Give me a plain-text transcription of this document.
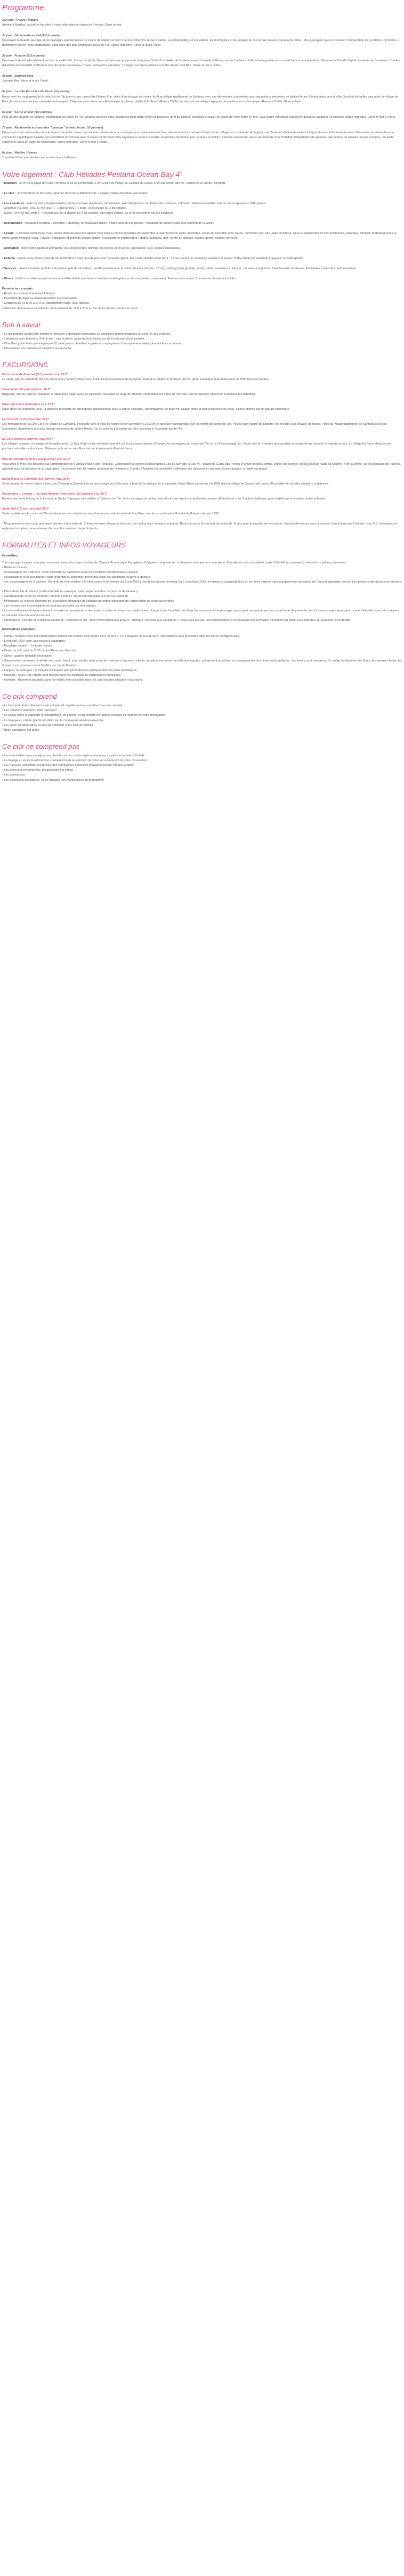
Programme
1er jour : France / Madère
Arrivée à Madère, accueil et transfert à votre hôtel dans la région de Funchal. Dîner et nuit.
2e jour : Découverte en 4x4 (1/2 journée)
Découvrez la beauté sauvage et les paysages spectaculaires du centre de Madère à bord d'un 4x4. Chemins de terre battue, vue imprenable sur les vallées, les montagnes et les villages de Curral das Freiras, Camara de lobos... des paysages hauts en couleur ! Dégustation de la célèbre « Poncha », traditionnel punch (avec supplément) dans l'une des plus anciennes caves de l'île. Après-midi libre. Dîner et nuit à l'hôtel
3e jour : Funchal (1/2 journée)
Découverte de la belle ville de Funchal : la vieille ville, le marché (fruits, fleurs et poissons typiques de la région). Visite d'un atelier de broderie suivie d'un arrêt à Monte, sur les hauteurs de Funchal apprécié pour sa fraîcheur et sa végétation. Découverte libre de l'église, tombeau de l'empereur Charles d'Autriche et possibilité d'effectuer une descente en traîneau d'osier, sensations garanties ! (à régler sur place). Retour à l'hôtel. Après-midi libre. Dîner et nuit à l'hôtel.
4e jour : Journée libre
Journée libre, dîner et nuit à l'hôtel.
5e jour : La côte Est et la côte Ouest (1 journée)
Route vers les montagnes de la côte Est de l'île pour le parc naturel de Ribeiro Frio, visite d'un élevage de truites. Arrêt au village traditionnel de Santana avec ses étonnantes chaumières aux toits pointus entourées de jardins fleuris. Continuation vers la côte Ouest et les belles cascades, le village de Porto Moniz et ses piscines naturelles volcaniques. Déjeuner puis retour vers Funchal par le plateau de Paul da Serra* (Ratura 2000), la côte sud, les villages typiques, les petits ports et les plages. Retour à l'hôtel. Dîner et Nuit.
6e jour : Sortie en mer (1/2 journée)
Pour goûter au large de Madère, contemplez les côtes de l'île, plongez dans les eaux cristallines pour nager avec les poissons (prêt de palmes, masques et tuba). Au cours de cette sortie en mer, vous aurez l'occasion d'observer quelques dauphins et baleines. Après-midi libre. Dîner et nuit à l'hôtel.
7e jour : Randonnée au cœur des "Levadas" (niveau facile, 1/2 journée)
Départ pour une randonnée parmi le réseau de petits canaux qui ont été creusés dans la montagne pour approvisionner l'eau des sommets jusqu'aux champs et aux villages en contrebas. À l'origine, ces "levadas" étaient destinées à l'agriculture et à l'industrie locales. Désormais, le réseau trace le chemin de magnifiques balades qui permettent de renouer avec la nature et découvrir des paysages à couper le souffle, en parfaite harmonie avec la faune et la flore. Après la randonnée, pause gourmande chez l'habitant (dégustation de gâteaux, pain à base de patates douces et fruits), une belle expérience dans un esprit de convivialité. Après-midi libre. Dîner et nuit à l'hôtel.
8e jour : Madère / France
Transfert à l'aéroport de Funchal et envol pour la France.
Votre logement : Club Héliades Pestana Ocean Bay 4*
• Situation : 20 m de la plage de Praia Formosa et de sa promenade, 3 km à pied du village de Camara de Lobos, 5 km du centre-ville de Funchal et 20 km de l'aéroport.
• Le club : 202 chambres et 65 suites réparties dans deux bâtiments de 7 étages, toutes orientées vers la mer.
• Les chambres : salle de bains (baignoire/WC), sèche-cheveux, téléphone, climatisation, petit réfrigérateur et plateau de courtoisie, coffre-fort, télévision satellite, balcon, fer à repasser et WIFI gratuit.
- Chambre vue mer : env. 31 m2, pour 1 - 2 personnes + 1 bébé, un lit double ou 2 lits simples.
- Suites : env. 60 m2, pour 2 - 4 personnes, un lit double ou 2 lits simples, coin salon séparé, 3e et 4e personnes sur lits d'appoint.
• Restauration : restaurant principal « Arlequim » (buffets), un restaurant italien, 3 bars dont un à la piscine. Possibilité de panier-repas (sur commande la veille).
• Loisirs : 2 piscines extérieures d'eau douce dont une pour les adultes avec bain à remous (chauffée de septembre à mai), tennis de table, fléchettes, centre de bien-être avec sauna, hammam, bain turc, salle de fitness. Sous la supervision de nos animateurs, pétanque, minigolf, football et tennis à l'hôtel voisin Pestana Royal. Payant : massages et soins de beauté, billard. A proximité et indépendant : sports nautiques, golf, centre de plongée, casino, pêche, location de vélos.
• Animation : notre petite équipe d'animation, vous propose des activités en journée et en soirée (spectacles, jeux, soirées dansantes).
• Enfants : bassin d'eau douce (chauffé de septembre à mai), aire de jeux avec échiquier géant. Mini-club Héliades pour les 4 - 12 ans durant les vacances scolaires, 6 jours/7. Baby-sitting sur demande et payant. Lit bébé gratuit.
• Services : chaises longues gratuits à la piscine, prêt de serviettes, navette gratuite pour le centre de Funchal (env. 10 mn), parking privé (gratuit), WI-FI gratuit, ascenseurs. Payant : parasols à la piscine, blanchisserie, boutiques. Principales cartes de crédit acceptées.
• Divers : hôtel accessible aux personnes à mobilité réduite (certaines chambres aménagées, accès aux parties communes). Animaux non admis. Commerces, boutiques à 1 km.
Formule tout compris
• Repas au restaurant principal Arlequim.
• Possibilité de dîner au restaurant italien sur réservation.
• Collations de 16 h 00 à 17 h 30 (assortiment sucré, salé, glaces).
• Sélection de boissons alcoolisées ou alcoolisées de 11 h à 23 h au bar de la piscine, servies au verre.
Bon à savoir
• Le programme pourra être modifié en fonction d'impératifs techniques ou conditions météorologiques ou selon le jour d'arrivée.
• 1 déjeuner avec boissons (1/4 de vin + eau ou bière ou jus de fruit) inclus lors de l'excursion d'une journée.
• Chauffeur guide francophone jusqu'à 12 participants, chauffeur + guide accompagnateur francophone au-delà, pendant les excursions.
• Observation des baleines et dauphins non garantie.
EXCURSIONS
Découverte de Funchal (1/2 journée) env. 33 €*
La vieille ville, la cathédrale du XVe siècle et le marché typique avec fruits, fleurs et poissons de la région. Visite d'un atelier de broderie puis du jardin botanique regroupant plus de 2000 fleurs et plantes.
Catamaran (1/2 journée) env. 30 €*
Baignade, prêt de palmes, masques et tubas pour nager avec les poissons. Naviguez au large de Madère, contemplez les côtes de l'île sous une perspective différente et admirez les dauphins.
Dîner spectacle folklorique env. 37 €*
Dîner dans un restaurant local, la fameuse brochette de bœuf grillée (assaisonnée avec le laurier sauvage), accompagnée de maïs frit, salade, frites et pain local (bolo do caco). Soirée animée par un groupe folklorique.
La Côte Est (1 journée) env. 36 €*
Les montagnes de la Côte Est et le village de Camacha. Poursuite vers le Pico do Arieiro et son belvédère (1 810 m) et déjeuner panoramique sur les monts du centre de l'île. Puis le parc naturel de Ribeiro Frio et visite d'un élevage de truites. Visite du village traditionnel de Santana avec ses étonnantes chaumières aux toits pointus entourées de jardins fleuris. Fin de journée à la pointe de São Lourenço à l'extrémité est de l'île.
La Côte Ouest (1 journée) env. 36 €*
Les villages typiques, les plages et les petits ports. Le Cap Girão et son belvédère perché sur la plus haute falaise d'Europe, les montagnes du centre de l'île, le col d'Encumeada, la « Route de l'or » (entrée de cascades et continuité en corniche le long de la côte. Le village de Porto Moniz et ses piscines naturelles volcaniques. Déjeuner puis retour vers Funchal par le plateau de Paul da Serra.
Eira Do Serrado & Monte (1/2 journée) env. 21 €*
Vous direz le Pico Dos Barcelos sur l'amphithéâtre de Funchal (Vallée des Fenouils). Continuation à travers les bois jusqu'à Eira do Serrado (1 026 m) : village de Curral das Freiras et chute en beau temps. Vallée des Nonnes et plus les plus hauts de Madère. Arrêt à Monte, sur les hauteurs de Funchal, apprécié pour sa fraîcheur et sa végétation. Découverte libre de l'église (tombeau de l'empereur Charles d'Autriche) et possibilité d'effectuer une descente en traîneau d'osier (payant, à régler sur place).
Santa Maria de Colombo (1/2 journée) env. 35 €*
Venez monter le même navire à bord que Christophe Colomb lors de son voyage vers l'inconnu, à bord de la réplique de la caravelle Santa Maria (construite en 1998 dans le village de Camara de Lobos). Possibilité de voir des dauphins et baleines.
Randonnée « Levada » : la vraie Madère d'autrefois (1/2 journée) env. 30 €*
Randonnée facile le long de la Levada de Gaula. Paysages des vallées à l'intérieur de l'île, fleurs sauvages et contact avec les locaux. Après la randonnée, pause café (incluse) chez l'habitant (gâteaux, pain traditionnel à la patate douce et fruits).
Safari 4x4 (1/2 journée) env. 35 €*
Sortie en 4x4 vers le centre de l'île et balade sur des chemins en terre battue pour admirer la forêt Laurifère, inscrite au patrimoine Mondial de l'Unesco depuis 1999.
* Programmes et tarifs (par personne) donnés à titre indicatif. Entrées incluses. Repas et boissons non inclus (sauf mention contraire). Réduction pour les enfants de moins de 11 ans pour la plupart des excursions. Bateau aller-retour pour l'excursion Santa Maria de Colombo : env. 6 €. Inscriptions et règlement sur place, sous réserve d'un nombre minimum de participants.
FORMALITÉS ET INFOS VOYAGEURS
Formalités :
Tout passager français, européen ou ressortissant d'un pays membre de l'Espace Économique Européen a l'obligation de présenter, à chaque embarquement, une pièce d'identité en cours de validité (carte d'identité ou passeport), selon les conditions suivantes :
• Bébés et mineurs :
- accompagnés de 2 parents : carte d'identité ou passeport selon les conditions mentionnées ci-dessus.
- accompagnés d'un seul parent : carte d'identité ou passeport personnel selon les conditions du pays ci-dessus.
- non accompagnés de 2 parents : En vertu de la loi relative à la lutte contre le terrorisme du 3 juin 2016 et du décret gouvernemental du 2 novembre 2016, les mineurs voyageant hors du territoire national sans une personne détentrice de l'autorité parentale doivent être porteurs des documents suivants :
• Pièce d'identité du mineur (carte d'identité ou passeport selon réglementation du pays de destination)
• Autorisation de sortie du territoire (Imprimé Cerfa N° 15646*01 disponible sur service-public.fr)
• Photocopie de la pièce d'identité de la personne détentrice de l'autorité parentale signataire de l'autorisation de sortie du territoire
- Les mineurs non accompagnés ne sont pas acceptés sur nos séjours.
• Les ressortissants étrangers doivent consulter le consulat de la destination choisie et doivent accomplir, à leur charge, toute formalité spécifique les concernant. Un passager qui ne peut pas embarquer sur un vol faute de présenter les documents requis (passeport, carte d'identité, visas, etc.) ne peut se prévaloir d'aucun remboursement.
• Informations, sécurité et conditions sanitaires : consultez le site "https://www.diplomatie.gouv.fr/", rubrique «conseils aux voyageurs ». Dans tous les cas, l'accomplissement et le paiement des formalités incombent au client, seul détenteur du passeport et d'identité.
Informations pratiques :
• Climat : tempéré avec des températures douces été comme hiver (entre 18°C et 25°C). Il y a toujours un peu de vent. Précipitations plus présentes dans les zones montagneuses.
• Électricité : 220 Volts, pas besoin d'adaptateur.
• Décalage horaire : - 1h toute l'année.
• Durée de vol : environ 3h30 depuis Paris pour Funchal.
• Santé : aucune formalité nécessaire.
• Gastronomie : poissons, fruits de mer, veau, bœuf, porc, poulet, mais aussi les nombreux légumes cultivés sur place sont servis en délicieux ragoûts, qui peuvent aussi bien accompagner les brochettes et les grillades ; les fruits y sont nombreux. On goûte les légumes, les fleurs, les bananes-fraise, les boissons sur la barraca de la Madère. Le vin de Madère.
• Langue : le portugais. Le français et l'anglais sont généralement pratiqués dans les lieux touristiques.
• Monnaie : l'euro. Les retraits sont facilités dans les distributeurs automatiques bancaires.
• Animaux : Rarement acceptés dans les hôtels. Non acceptés dans les cars lors des circuits et excursions.
Ce prix comprend
• Le transport aérien aller/retour par vol spécial, régulier ou low-cost (direct ou avec escale)
• Les transferts aéroport / hôtel / aéroport
• Le séjour selon la catégorie d'hébergement, de pension et du nombre de nuitées choisies au moment de votre réservation
• Le bagage en cabine (au format défini par la compagnie aérienne réservée)
• Les taxes aéroportuaires, la taxe de solidarité et les frais de dossier
• Notre assistance sur place.
Ce prix ne comprend pas
• Les éventuelles taxes de séjour par chambre et par nuit (à régler en espèces sur place à l'arrivée à l'hôtel)
• Le bagage en soute (sauf mention contraire lors de la sélection de votre vol au moment de votre réservation)
• Les hausses carburants éventuelles des compagnies aériennes pouvant intervenir durant la saison
• Les dépenses personnelles, les pourboires et extras
• Les assurances
• Les excursions facultatives, et les activités non mentionnées au programme
